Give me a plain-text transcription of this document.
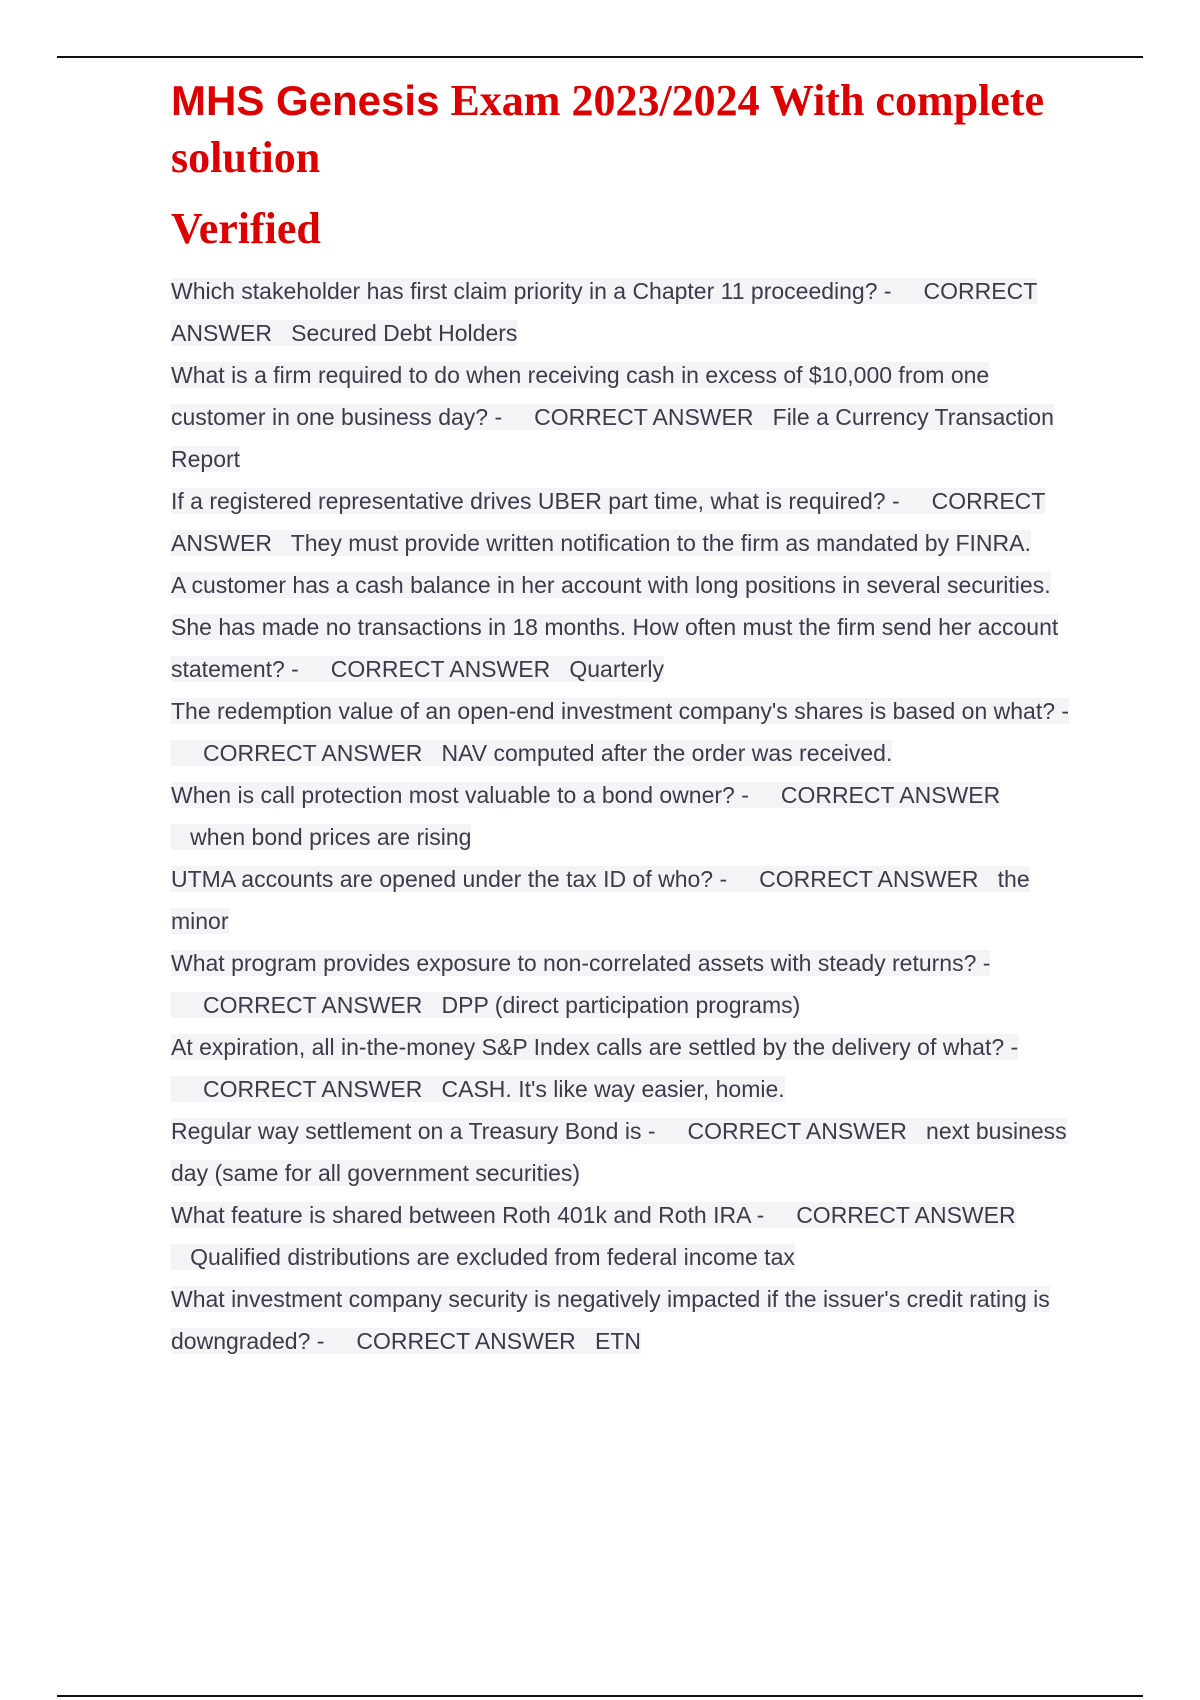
MHS Genesis Exam 2023/2024 With complete solution
Verified
Which stakeholder has first claim priority in a Chapter 11 proceeding? - CORRECT ANSWER Secured Debt Holders
What is a firm required to do when receiving cash in excess of $10,000 from one customer in one business day? - CORRECT ANSWER File a Currency Transaction Report
If a registered representative drives UBER part time, what is required? - CORRECT ANSWER They must provide written notification to the firm as mandated by FINRA.
A customer has a cash balance in her account with long positions in several securities. She has made no transactions in 18 months. How often must the firm send her account statement? - CORRECT ANSWER Quarterly
The redemption value of an open-end investment company's shares is based on what? -     CORRECT ANSWER NAV computed after the order was received.
When is call protection most valuable to a bond owner? - CORRECT ANSWER   when bond prices are rising
UTMA accounts are opened under the tax ID of who? - CORRECT ANSWER the minor
What program provides exposure to non-correlated assets with steady returns? -     CORRECT ANSWER DPP (direct participation programs)
At expiration, all in-the-money S&P Index calls are settled by the delivery of what? -     CORRECT ANSWER CASH. It's like way easier, homie.
Regular way settlement on a Treasury Bond is - CORRECT ANSWER next business day (same for all government securities)
What feature is shared between Roth 401k and Roth IRA - CORRECT ANSWER   Qualified distributions are excluded from federal income tax
What investment company security is negatively impacted if the issuer's credit rating is downgraded? - CORRECT ANSWER ETN
